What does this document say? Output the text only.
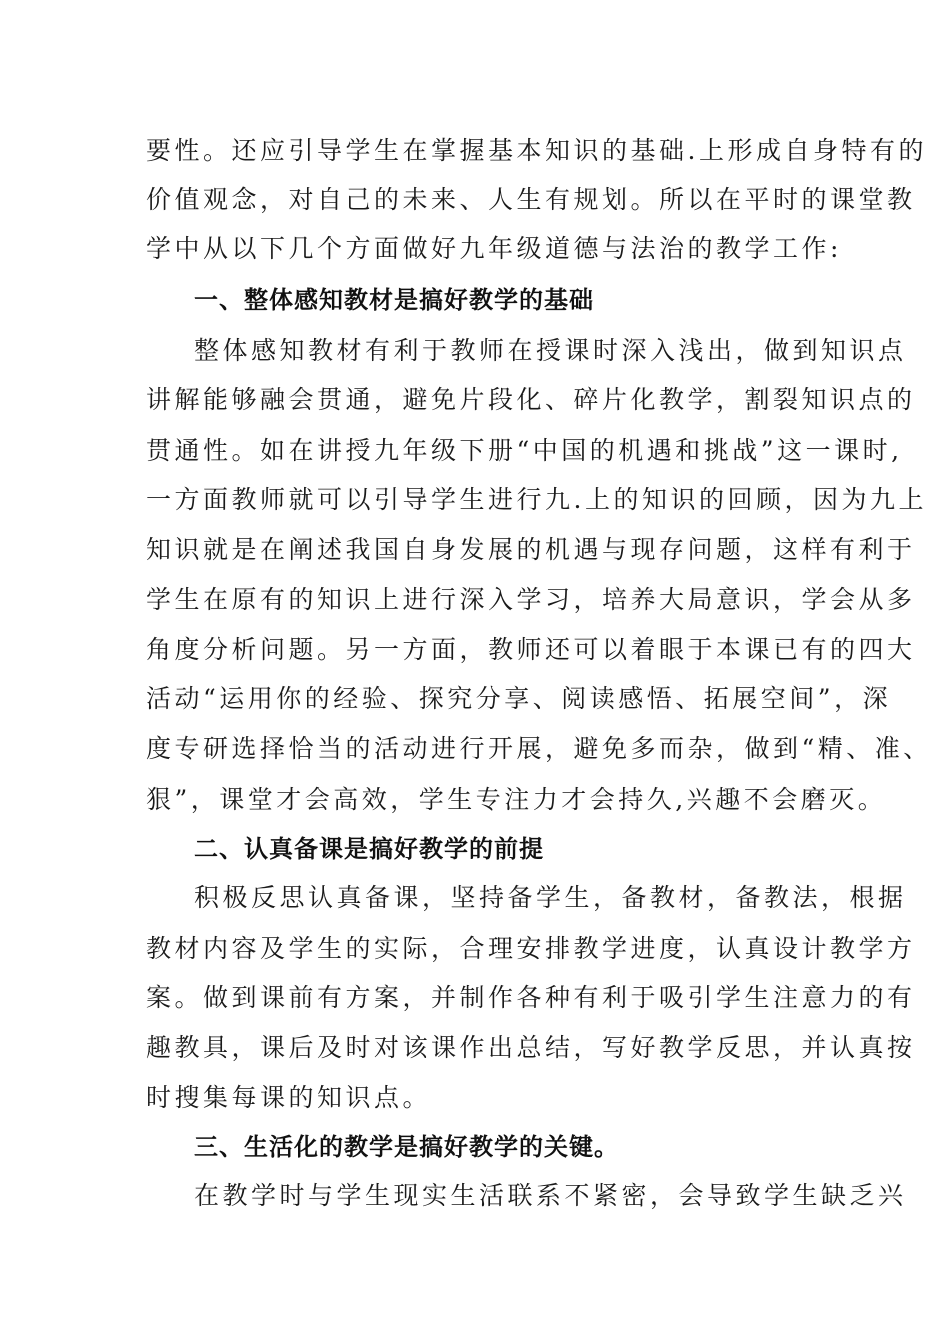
要性。还应引导学生在掌握基本知识的基础.上形成自身特有的
价值观念，对自己的未来、人生有规划。所以在平时的课堂教
学中从以下几个方面做好九年级道德与法治的教学工作:
一、整体感知教材是搞好教学的基础
整体感知教材有利于教师在授课时深入浅出，做到知识点
讲解能够融会贯通，避免片段化、碎片化教学，割裂知识点的
贯通性。如在讲授九年级下册“中国的机遇和挑战”这一课时,
一方面教师就可以引导学生进行九.上的知识的回顾，因为九上
知识就是在阐述我国自身发展的机遇与现存问题，这样有利于
学生在原有的知识上进行深入学习，培养大局意识，学会从多
角度分析问题。另一方面，教师还可以着眼于本课已有的四大
活动“运用你的经验、探究分享、阅读感悟、拓展空间”，深
度专研选择恰当的活动进行开展，避免多而杂，做到“精、准、
狠”，课堂才会高效，学生专注力才会持久,兴趣不会磨灭。
二、认真备课是搞好教学的前提
积极反思认真备课，坚持备学生，备教材，备教法，根据
教材内容及学生的实际，合理安排教学进度，认真设计教学方
案。做到课前有方案，并制作各种有利于吸引学生注意力的有
趣教具，课后及时对该课作出总结，写好教学反思，并认真按
时搜集每课的知识点。
三、生活化的教学是搞好教学的关键。
在教学时与学生现实生活联系不紧密，会导致学生缺乏兴
